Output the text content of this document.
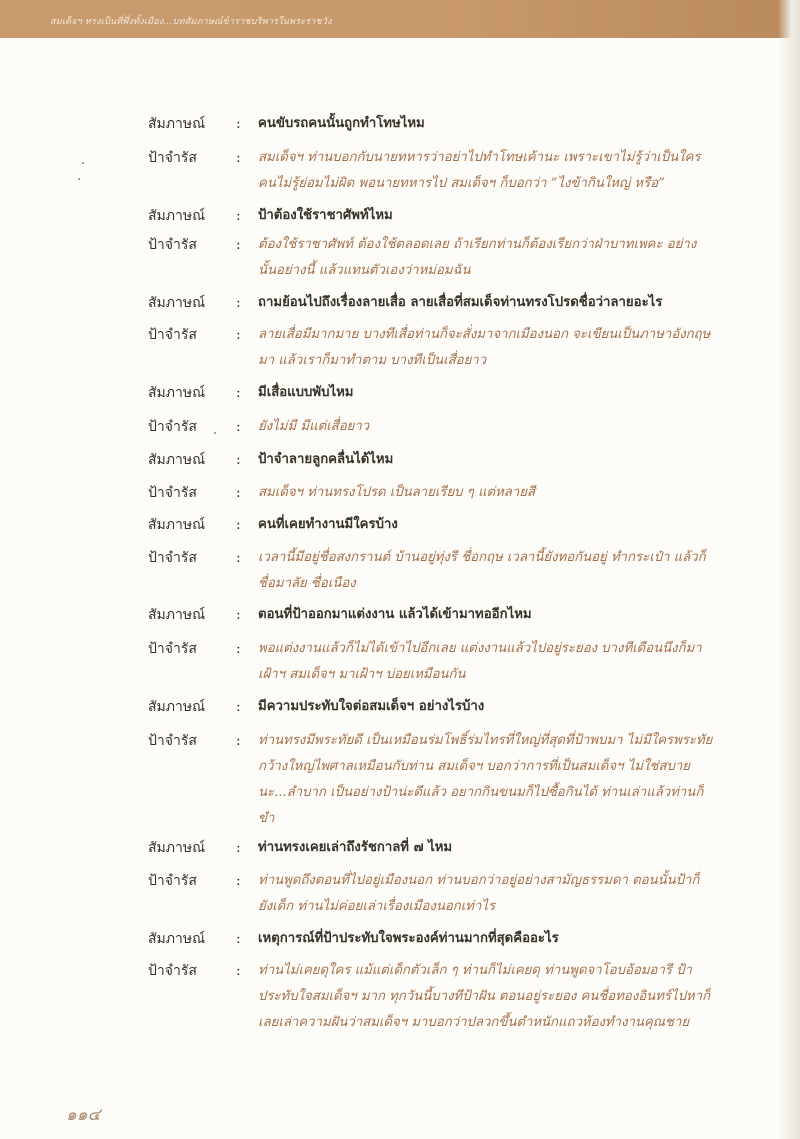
สมเด็จฯ ทรงเป็นที่พึ่งทั้งเมือง...บทสัมภาษณ์ข้าราชบริพารในพระราชวัง
สัมภาษณ์ : คนขับรถคนนั้นถูกทำโทษไหม
ป้าจำรัส	: สมเด็จฯ ท่านบอกกับนายทหารว่าอย่าไปทำโทษเค้านะ เพราะเขาไม่รู้ว่าเป็นใคร คนไม่รู้ย่อมไม่ผิด พอนายทหารไป สมเด็จฯ ก็บอกว่า “ไงข้ากินใหญ่ หรือ”
สัมภาษณ์ : ป้าต้องใช้ราชาศัพท์ไหม
ป้าจำรัส	: ต้องใช้ราชาศัพท์ ต้องใช้ตลอดเลย ถ้าเรียกท่านก็ต้องเรียกว่าฝ่าบาทเพคะ อย่างนั้นอย่างนี้ แล้วแทนตัวเองว่าหม่อมฉัน
สัมภาษณ์ : ถามย้อนไปถึงเรื่องลายเสื่อ ลายเสื่อที่สมเด็จท่านทรงโปรดชื่อว่าลายอะไร
ป้าจำรัส	: ลายเสื่อมีมากมาย บางทีเสื่อท่านก็จะสั่งมาจากเมืองนอก จะเขียนเป็นภาษาอังกฤษมา แล้วเราก็มาทำตาม บางทีเป็นเสื่อยาว
สัมภาษณ์ : มีเสื่อแบบพับไหม
ป้าจำรัส	: ยังไม่มี มีแต่เสื่อยาว
สัมภาษณ์ : ป้าจำลายลูกคลื่นได้ไหม
ป้าจำรัส	: สมเด็จฯ ท่านทรงโปรด เป็นลายเรียบ ๆ แต่หลายสี
สัมภาษณ์ : คนที่เคยทำงานมีใครบ้าง
ป้าจำรัส	: เวลานี้มีอยู่ชื่อสงกรานต์ บ้านอยู่ทุ่งรี ชื่อกฤษ เวลานี้ยังทอกันอยู่ ทำกระเป๋า แล้วก็ชื่อมาลัย ชื่อเนือง
สัมภาษณ์ : ตอนที่ป้าออกมาแต่งงาน แล้วได้เข้ามาทออีกไหม
ป้าจำรัส	: พอแต่งงานแล้วก็ไม่ได้เข้าไปอีกเลย แต่งงานแล้วไปอยู่ระยอง บางทีเดือนนึงก็มาเฝ้าฯ สมเด็จฯ มาเฝ้าฯ บ่อยเหมือนกัน
สัมภาษณ์ : มีความประทับใจต่อสมเด็จฯ อย่างไรบ้าง
ป้าจำรัส	: ท่านทรงมีพระทัยดี เป็นเหมือนร่มโพธิ์ร่มไทรที่ใหญ่ที่สุดที่ป้าพบมา ไม่มีใครพระทัยกว้างใหญ่ไพศาลเหมือนกับท่าน สมเด็จฯ บอกว่าการที่เป็นสมเด็จฯ ไม่ใช่สบายนะ...ลำบาก เป็นอย่างป้าน่ะดีแล้ว อยากกินขนมก็ไปซื้อกินได้ ท่านเล่าแล้วท่านก็ขำ
สัมภาษณ์ : ท่านทรงเคยเล่าถึงรัชกาลที่ ๗ ไหม
ป้าจำรัส	: ท่านพูดถึงตอนที่ไปอยู่เมืองนอก ท่านบอกว่าอยู่อย่างสามัญธรรมดา ตอนนั้นป้าก็ยังเด็ก ท่านไม่ค่อยเล่าเรื่องเมืองนอกเท่าไร
สัมภาษณ์ : เหตุการณ์ที่ป้าประทับใจพระองค์ท่านมากที่สุดคืออะไร
ป้าจำรัส	: ท่านไม่เคยดุใคร แม้แต่เด็กตัวเล็ก ๆ ท่านก็ไม่เคยดุ ท่านพูดจาโอบอ้อมอารี ป้าประทับใจสมเด็จฯ มาก ทุกวันนี้บางทีป้าฝัน ตอนอยู่ระยอง คนชื่อทองอินทร์ไปหาก็เลยเล่าความฝันว่าสมเด็จฯ มาบอกว่าปลวกขึ้นตำหนักแถวห้องทำงานคุณชาย
๑๑๔
